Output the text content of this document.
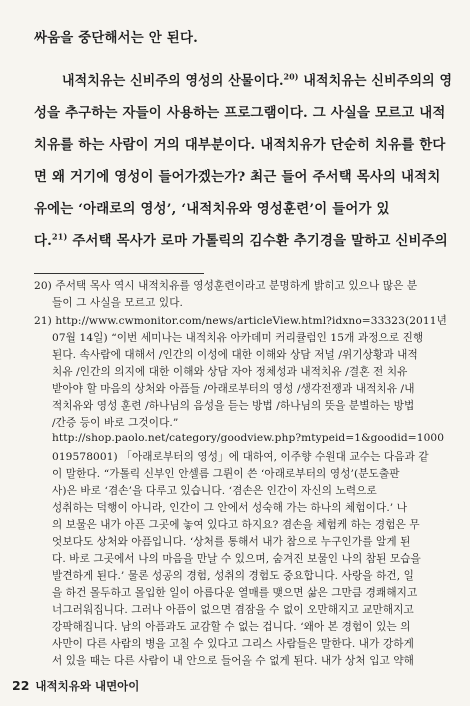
싸움을 중단해서는 안 된다.
내적치유는 신비주의 영성의 산물이다.$^{20)}$ 내적치유는 신비주의의 영
성을 추구하는 자들이 사용하는 프로그램이다. 그 사실을 모르고 내적
치유를 하는 사람이 거의 대부분이다. 내적치유가 단순히 치유를 한다
면 왜 거기에 영성이 들어가겠는가? 최근 들어 주서택 목사의 내적치
유에는 ‘아래로의 영성’, ‘내적치유와 영성훈련’이 들어가 있
다.$^{21)}$ 주서택 목사가 로마 가톨릭의 김수환 추기경을 말하고 신비주의
20) 주서택 목사 역시 내적치유를 영성훈련이라고 분명하게 밝히고 있으나 많은 분
들이 그 사실을 모르고 있다.
21) http://www.cwmonitor.com/news/articleView.html?idxno=33323(2011년
07월 14일) “이번 세미나는 내적치유 아카데미 커리큘럼인 15개 과정으로 진행
된다. 속사람에 대해서 /인간의 이성에 대한 이해와 상담 저널 /위기상황과 내적
치유 /인간의 의지에 대한 이해와 상담 자아 정체성과 내적치유 /결혼 전 치유
받아야 할 마음의 상처와 아픔들 /아래로부터의 영성 /생각전쟁과 내적치유 /내
적치유와 영성 훈련 /하나님의 음성을 듣는 방법 /하나님의 뜻을 분별하는 방법
/간증 등이 바로 그것이다.”
http://shop.paolo.net/category/goodview.php?mtypeid=1&goodid=1000
019578001) 「아래로부터의 영성」에 대하여, 이주향 수원대 교수는 다음과 같
이 말한다. “가톨릭 신부인 안셀름 그륀이 쓴 ‘아래로부터의 영성’(분도출판
사)은 바로 ‘겸손’을 다루고 있습니다. ‘겸손은 인간이 자신의 노력으로
성취하는 덕행이 아니라, 인간이 그 안에서 성숙해 가는 하나의 체험이다.’ 나
의 보물은 내가 아픈 그곳에 놓여 있다고 하지요? 겸손을 체험케 하는 경험은 무
엇보다도 상처와 아픔입니다. ‘상처를 통해서 내가 참으로 누구인가를 알게 된
다. 바로 그곳에서 나의 마음을 만날 수 있으며, 숨겨진 보물인 나의 참된 모습을
발견하게 된다.’ 물론 성공의 경험, 성취의 경험도 중요합니다. 사랑을 하건, 일
을 하건 몰두하고 몰입한 일이 아름다운 열매를 맺으면 삶은 그만큼 경쾌해지고
너그러워집니다. 그러나 아픔이 없으면 겸잠을 수 없이 오만해지고 교만해지고
강팍해집니다. 남의 아픔과도 교감할 수 없는 겁니다. ‘왜아 본 경험이 있는 의
사만이 다른 사람의 병을 고칠 수 있다고 그리스 사람들은 말한다. 내가 강하게
서 있을 때는 다른 사람이 내 안으로 들어올 수 없게 된다. 내가 상처 입고 약해
22 내적치유와 내면아이
